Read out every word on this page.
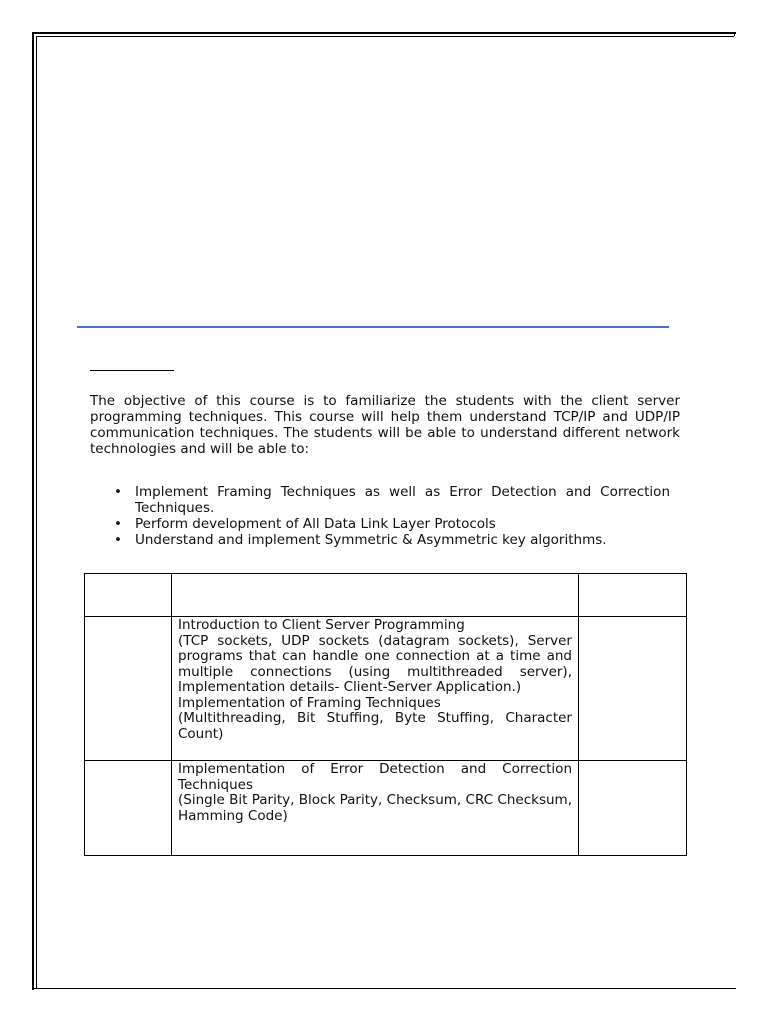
The objective of this course is to familiarize the students with the client server programming techniques. This course will help them understand TCP/IP and UDP/IP communication techniques. The students will be able to understand different network technologies and will be able to:
• Implement Framing Techniques as well as Error Detection and Correction Techniques.
• Perform development of All Data Link Layer Protocols
• Understand and implement Symmetric & Asymmetric key algorithms.

	Introduction to Client Server Programming

(TCP sockets, UDP sockets (datagram sockets), Server programs that can handle one connection at a time and multiple connections (using multithreaded server), Implementation details- Client-Server Application.)

Implementation of Framing Techniques

(Multithreading, Bit Stuffing, Byte Stuffing, Character Count)	

	Implementation of Error Detection and Correction Techniques

(Single Bit Parity, Block Parity, Checksum, CRC Checksum, Hamming Code)	
